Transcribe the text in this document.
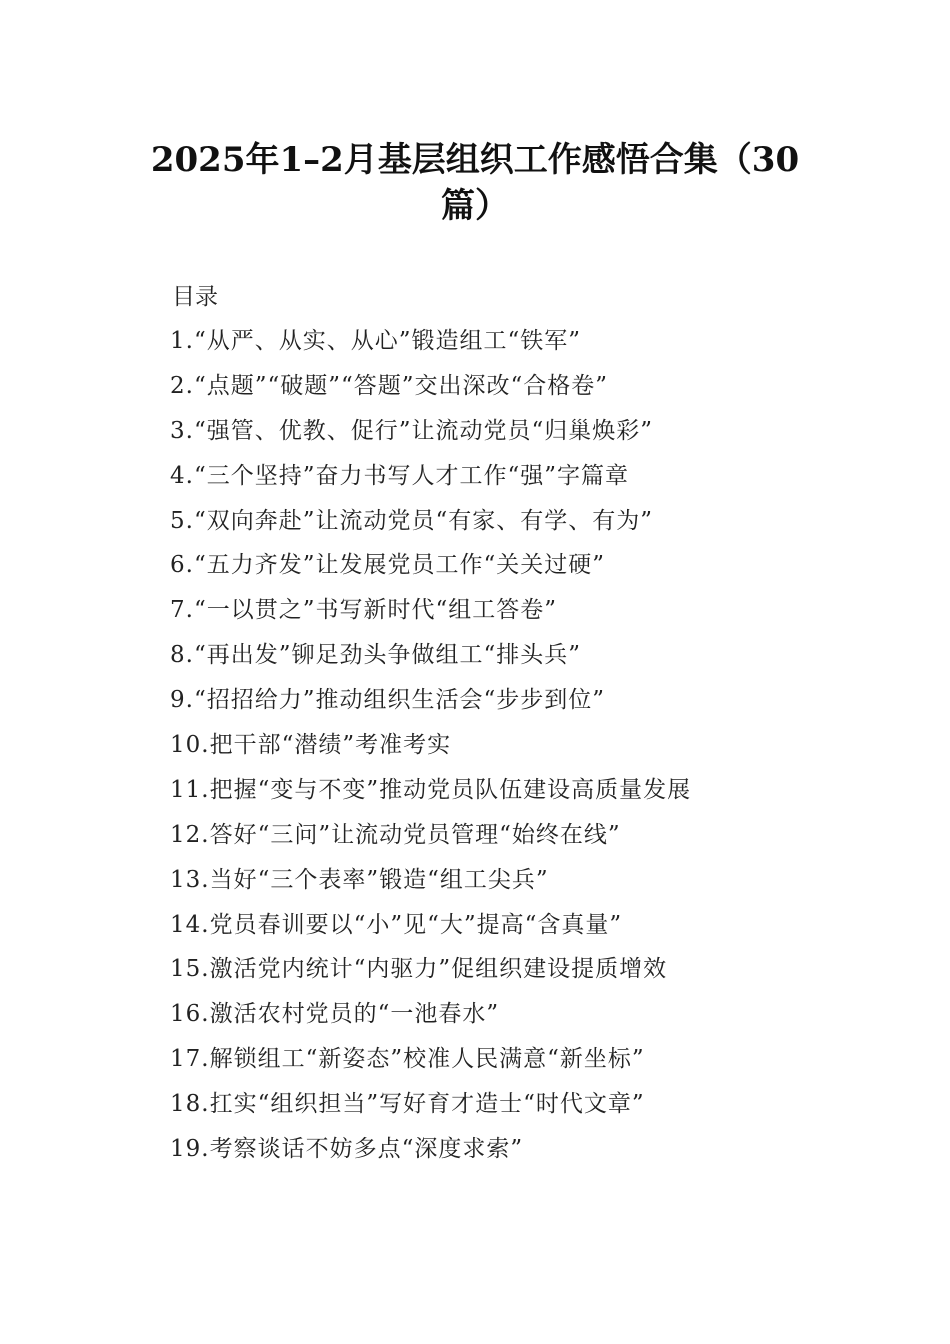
2025年1–2月基层组织工作感悟合集（30篇）
目录
1.“从严、从实、从心”锻造组工“铁军”
2.“点题”“破题”“答题”交出深改“合格卷”
3.“强管、优教、促行”让流动党员“归巢焕彩”
4.“三个坚持”奋力书写人才工作“强”字篇章
5.“双向奔赴”让流动党员“有家、有学、有为”
6.“五力齐发”让发展党员工作“关关过硬”
7.“一以贯之”书写新时代“组工答卷”
8.“再出发”铆足劲头争做组工“排头兵”
9.“招招给力”推动组织生活会“步步到位”
10.把干部“潜绩”考准考实
11.把握“变与不变”推动党员队伍建设高质量发展
12.答好“三问”让流动党员管理“始终在线”
13.当好“三个表率”锻造“组工尖兵”
14.党员春训要以“小”见“大”提高“含真量”
15.激活党内统计“内驱力”促组织建设提质增效
16.激活农村党员的“一池春水”
17.解锁组工“新姿态”校准人民满意“新坐标”
18.扛实“组织担当”写好育才造士“时代文章”
19.考察谈话不妨多点“深度求索”
